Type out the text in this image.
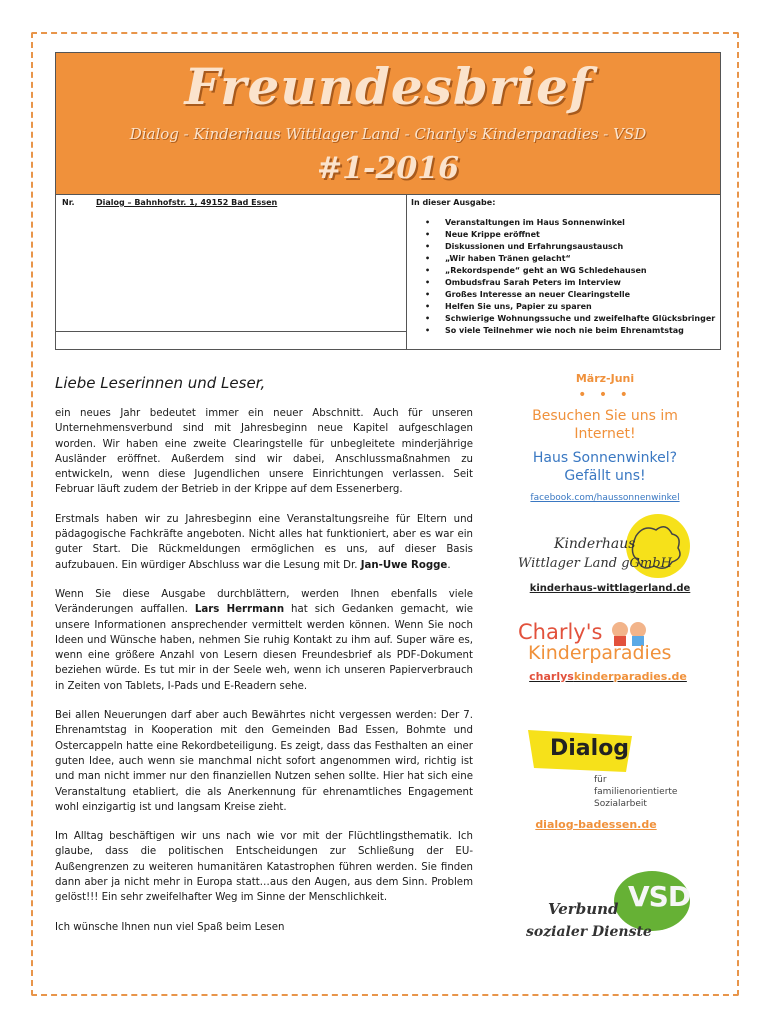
Freundesbrief
Dialog - Kinderhaus Wittlager Land - Charly's Kinderparadies - VSD
#1-2016
Nr.	Dialog – Bahnhofstr. 1, 49152 Bad Essen	In dieser Ausgabe:
• Veranstaltungen im Haus Sonnenwinkel
• Neue Krippe eröffnet
• Diskussionen und Erfahrungsaustausch
• „Wir haben Tränen gelacht“
• „Rekordspende“ geht an WG Schledehausen
• Ombudsfrau Sarah Peters im Interview
• Großes Interesse an neuer Clearingstelle
• Helfen Sie uns, Papier zu sparen
• Schwierige Wohnungssuche und zweifelhafte Glücksbringer
• So viele Teilnehmer wie noch nie beim Ehrenamtstag
Liebe Leserinnen und Leser,

ein neues Jahr bedeutet immer ein neuer Abschnitt. Auch für unseren Unternehmensverbund sind mit Jahresbeginn neue Kapitel aufgeschlagen worden. Wir haben eine zweite Clearingstelle für unbegleitete minderjährige Ausländer eröffnet. Außerdem sind wir dabei, Anschlussmaßnahmen zu entwickeln, wenn diese Jugendlichen unsere Einrichtungen verlassen. Seit Februar läuft zudem der Betrieb in der Krippe auf dem Essenerberg.

Erstmals haben wir zu Jahresbeginn eine Veranstaltungsreihe für Eltern und pädagogische Fachkräfte angeboten. Nicht alles hat funktioniert, aber es war ein guter Start. Die Rückmeldungen ermöglichen es uns, auf dieser Basis aufzubauen. Ein würdiger Abschluss war die Lesung mit Dr. Jan-Uwe Rogge.

Wenn Sie diese Ausgabe durchblättern, werden Ihnen ebenfalls viele Veränderungen auffallen. Lars Herrmann hat sich Gedanken gemacht, wie unsere Informationen ansprechender vermittelt werden können. Wenn Sie noch Ideen und Wünsche haben, nehmen Sie ruhig Kontakt zu ihm auf. Super wäre es, wenn eine größere Anzahl von Lesern diesen Freundesbrief als PDF-Dokument beziehen würde. Es tut mir in der Seele weh, wenn ich unseren Papierverbrauch in Zeiten von Tablets, I-Pads und E-Readern sehe.

Bei allen Neuerungen darf aber auch Bewährtes nicht vergessen werden: Der 7. Ehrenamtstag in Kooperation mit den Gemeinden Bad Essen, Bohmte und Ostercappeln hatte eine Rekordbeteiligung. Es zeigt, dass das Festhalten an einer guten Idee, auch wenn sie manchmal nicht sofort angenommen wird, richtig ist und man nicht immer nur den finanziellen Nutzen sehen sollte. Hier hat sich eine Veranstaltung etabliert, die als Anerkennung für ehrenamtliches Engagement wohl einzigartig ist und langsam Kreise zieht.

Im Alltag beschäftigen wir uns nach wie vor mit der Flüchtlingsthematik. Ich glaube, dass die politischen Entscheidungen zur Schließung der EU-Außengrenzen zu weiteren humanitären Katastrophen führen werden. Sie finden dann aber ja nicht mehr in Europa statt…aus den Augen, aus dem Sinn. Problem gelöst!!! Ein sehr zweifelhafter Weg im Sinne der Menschlichkeit.

Ich wünsche Ihnen nun viel Spaß beim Lesen

März-Juni
• • •
Besuchen Sie uns im Internet!
Haus Sonnenwinkel? Gefällt uns!
facebook.com/haussonnenwinkel
Kinderhaus
Wittlager Land gGmbH
kinderhaus-wittlagerland.de
Charly's
Kinderparadies
charlyskinderparadies.de
Dialog
für
familienorientierte
Sozialarbeit
dialog-badessen.de
VSD
Verbund
sozialer Dienste
